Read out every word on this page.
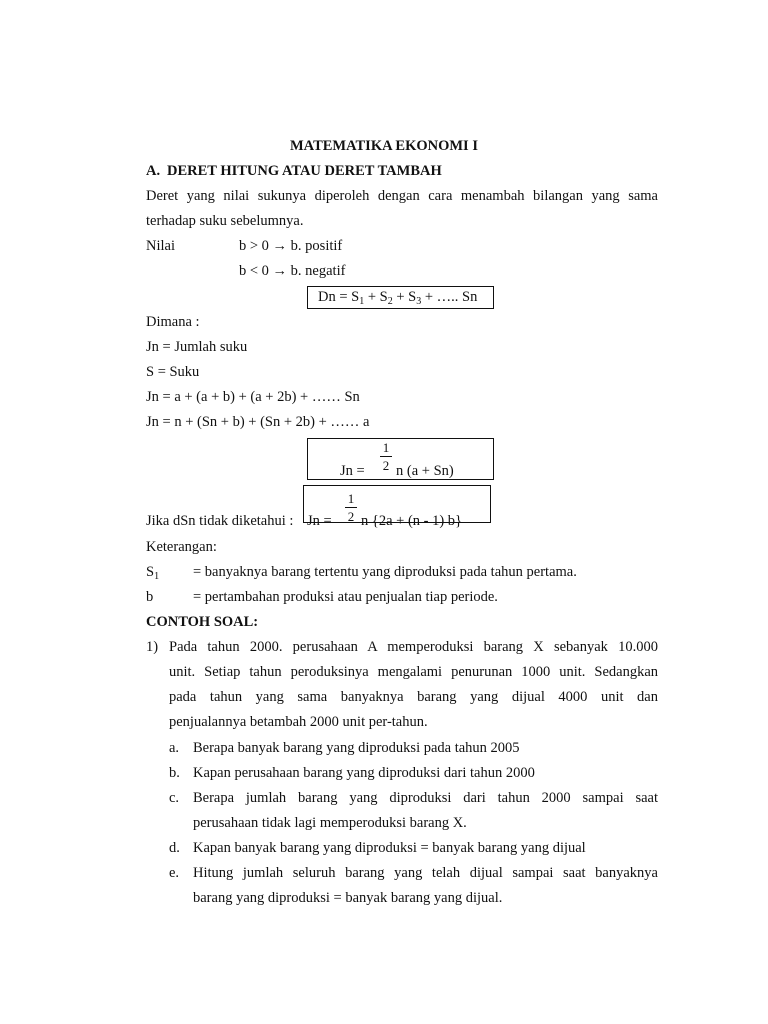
MATEMATIKA EKONOMI I
A. DERET HITUNG ATAU DERET TAMBAH
Deret yang nilai sukunya diperoleh dengan cara menambah bilangan yang sama
terhadap suku sebelumnya.
Nilai	b > 0 → b. positif
b < 0 → b. negatif
$Dn = S_1 + S_2 + S_3$ + ….. Sn
Dimana :
Jn = Jumlah suku
S = Suku
Jn = a + (a + b) + (a + 2b) + …… Sn
Jn = n + (Sn + b) + (Sn + 2b) + …… a
Jn =
1
2 n (a + Sn)
Jika dSn tidak diketahui : Jn =
1
2 n {2a + (n - 1) b}
Keterangan:
$S_1$ = banyaknya barang tertentu yang diproduksi pada tahun pertama.
b	= pertambahan produksi atau penjualan tiap periode.
CONTOH SOAL:
1) Pada tahun 2000. perusahaan A memperoduksi barang X sebanyak 10.000
unit. Setiap tahun peroduksinya mengalami penurunan 1000 unit. Sedangkan
pada tahun yang sama banyaknya barang yang dijual 4000 unit dan
penjualannya betambah 2000 unit per-tahun.
a. Berapa banyak barang yang diproduksi pada tahun 2005
b. Kapan perusahaan barang yang diproduksi dari tahun 2000
c. Berapa jumlah barang yang diproduksi dari tahun 2000 sampai saat
perusahaan tidak lagi memperoduksi barang X.
d. Kapan banyak barang yang diproduksi = banyak barang yang dijual
e. Hitung jumlah seluruh barang yang telah dijual sampai saat banyaknya
barang yang diproduksi = banyak barang yang dijual.
